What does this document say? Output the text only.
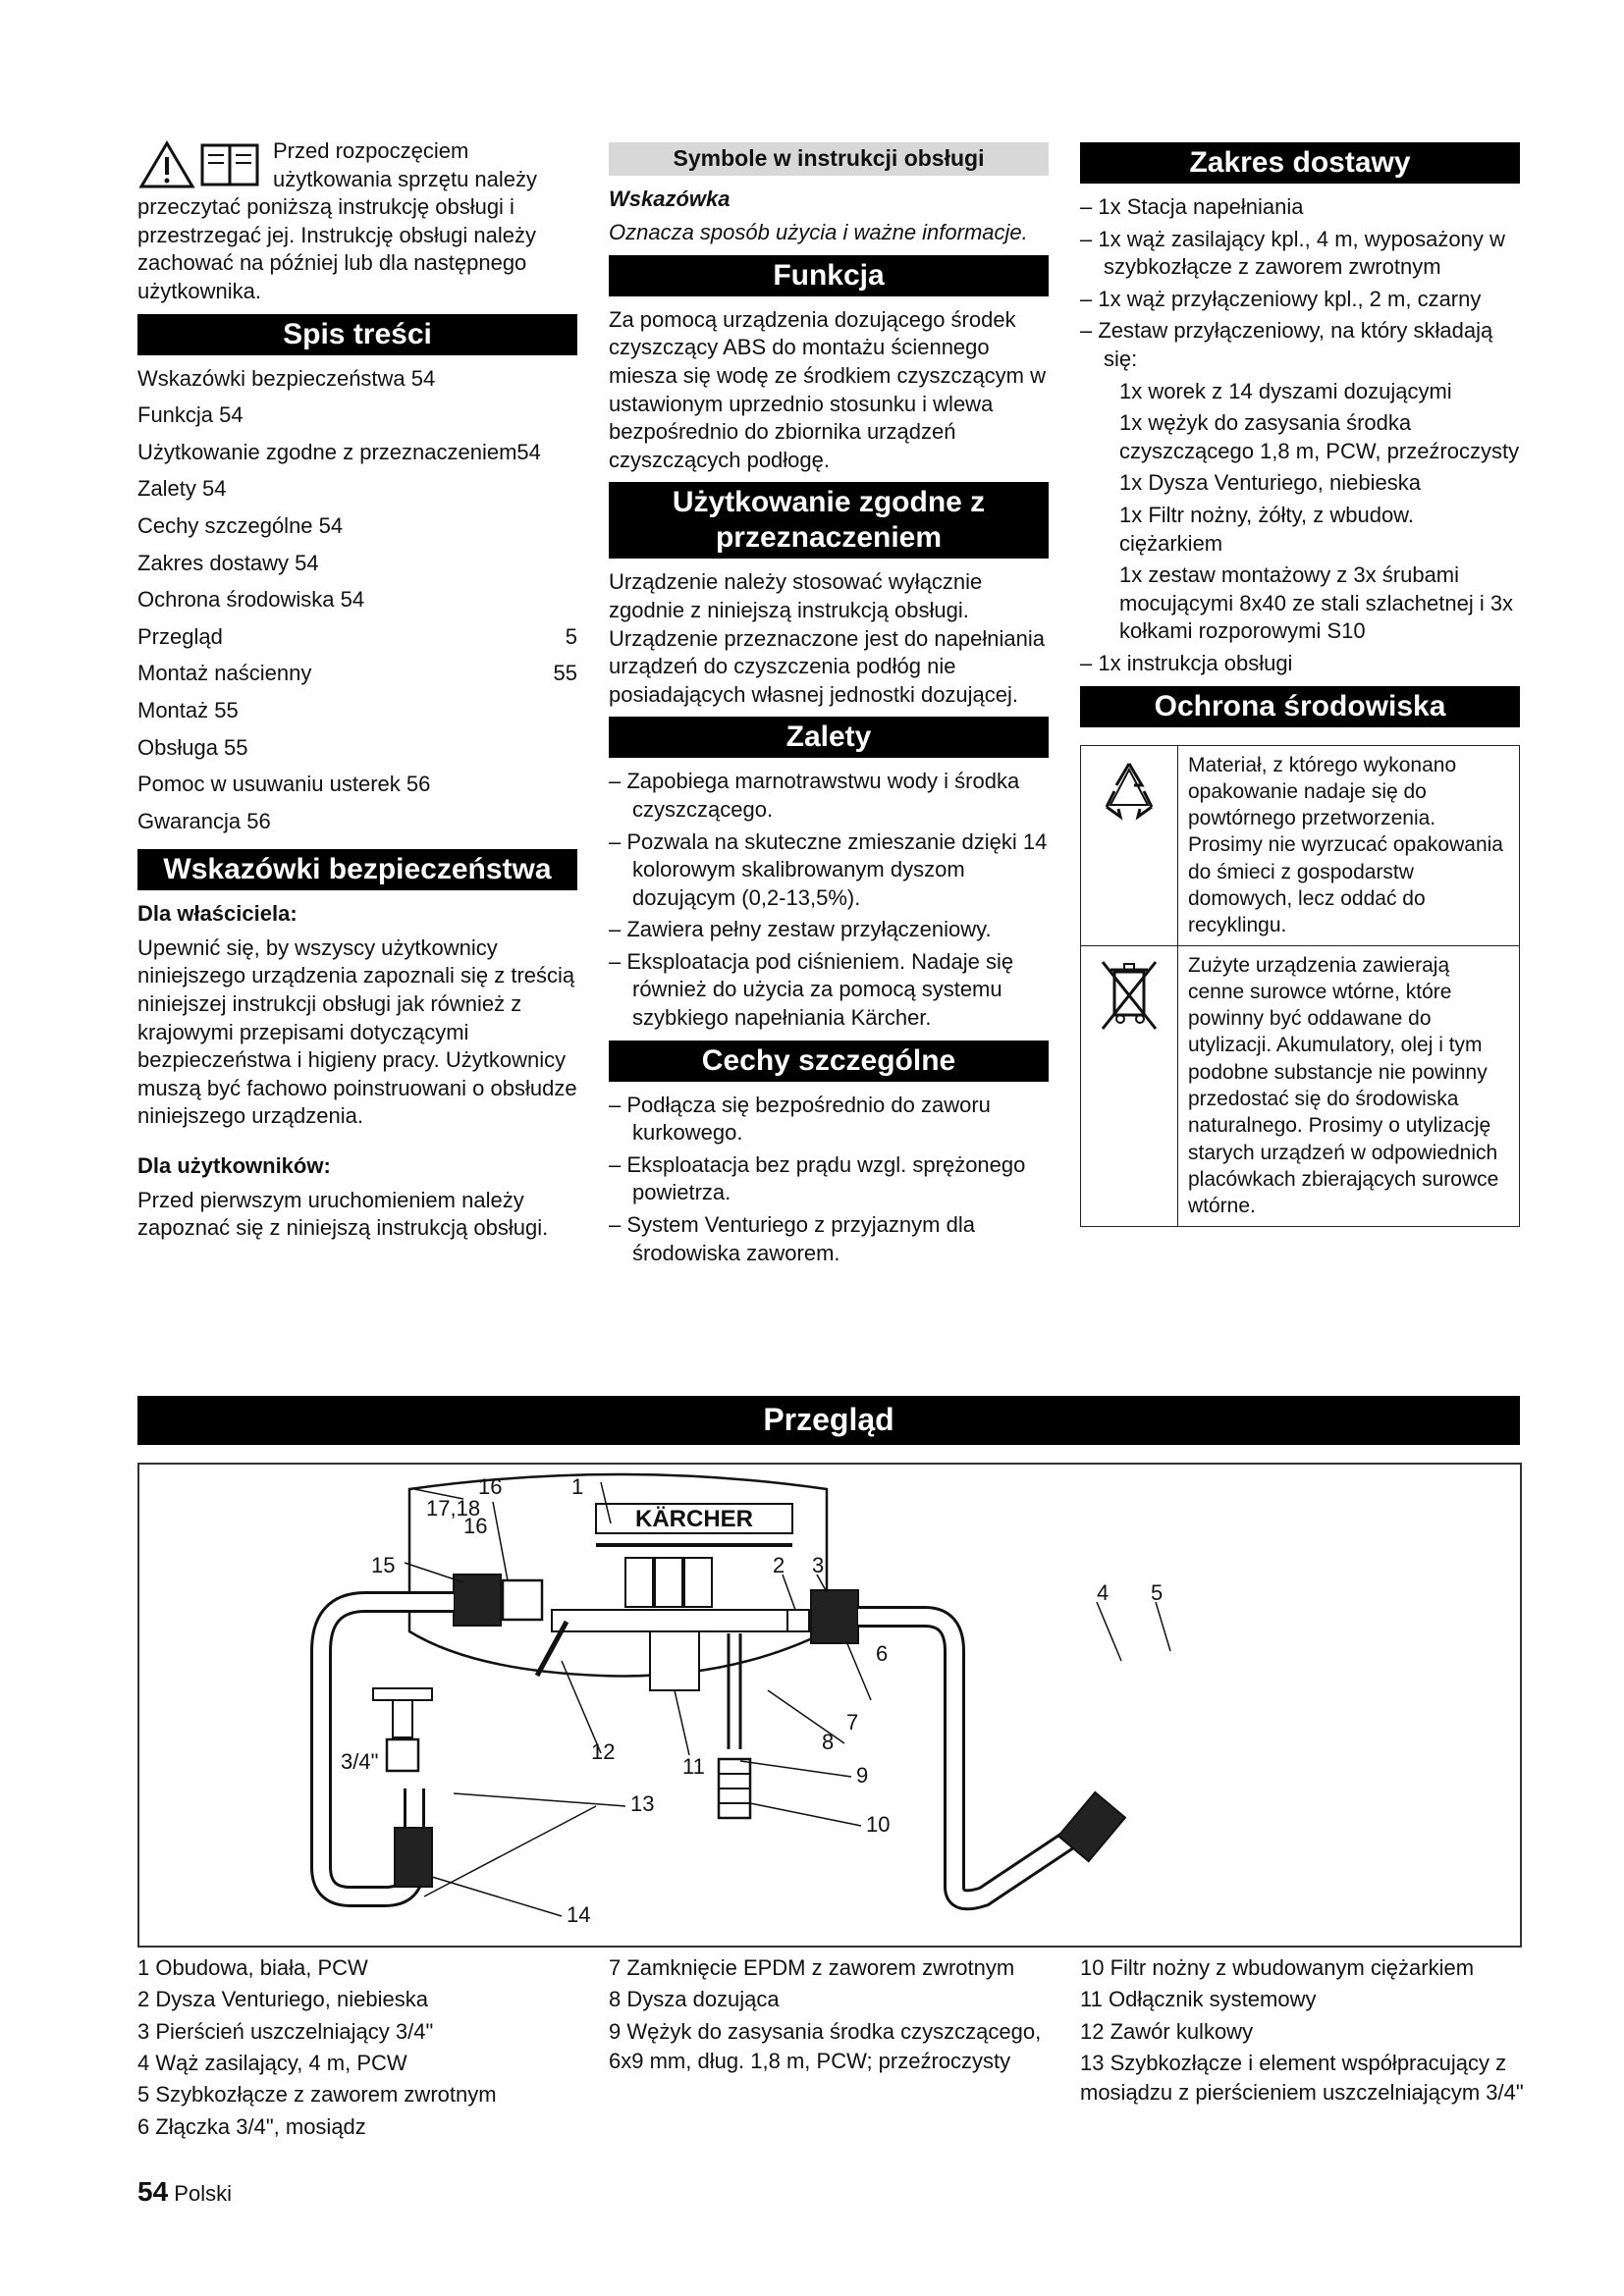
Przed rozpoczęciem użytkowania sprzętu należy przeczytać poniższą instrukcję obsługi i przestrzegać jej. Instrukcję obsługi należy zachować na później lub dla następnego użytkownika.

Spis treści
Wskazówki bezpieczeństwa 54
Funkcja 54
Użytkowanie zgodne z przeznaczeniem54
Zalety 54
Cechy szczególne 54
Zakres dostawy 54
Ochrona środowiska 54
Przegląd	5
Montaż naścienny	55
Montaż 55
Obsługa 55
Pomoc w usuwaniu usterek 56
Gwarancja 56
Wskazówki bezpieczeństwa

Dla właściciela:

Upewnić się, by wszyscy użytkownicy niniejszego urządzenia zapoznali się z treścią niniejszej instrukcji obsługi jak również z krajowymi przepisami dotyczącymi bezpieczeństwa i higieny pracy. Użytkownicy muszą być fachowo poinstruowani o obsłudze niniejszego urządzenia.

Dla użytkowników:

Przed pierwszym uruchomieniem należy zapoznać się z niniejszą instrukcją obsługi.

Symbole w instrukcji obsługi

Wskazówka

Oznacza sposób użycia i ważne informacje.

Funkcja

Za pomocą urządzenia dozującego środek czyszczący ABS do montażu ściennego miesza się wodę ze środkiem czyszczącym w ustawionym uprzednio stosunku i wlewa bezpośrednio do zbiornika urządzeń czyszczących podłogę.

Użytkowanie zgodne z przeznaczeniem

Urządzenie należy stosować wyłącznie zgodnie z niniejszą instrukcją obsługi. Urządzenie przeznaczone jest do napełniania urządzeń do czyszczenia podłóg nie posiadających własnej jednostki dozującej.

Zalety

– Zapobiega marnotrawstwu wody i środka czyszczącego.

– Pozwala na skuteczne zmieszanie dzięki 14 kolorowym skalibrowanym dyszom dozującym (0,2-13,5%).

– Zawiera pełny zestaw przyłączeniowy.

– Eksploatacja pod ciśnieniem. Nadaje się również do użycia za pomocą systemu szybkiego napełniania Kärcher.

Cechy szczególne

– Podłącza się bezpośrednio do zaworu kurkowego.

– Eksploatacja bez prądu wzgl. sprężonego powietrza.

– System Venturiego z przyjaznym dla środowiska zaworem.

Zakres dostawy

– 1x Stacja napełniania

– 1x wąż zasilający kpl., 4 m, wyposażony w szybkozłącze z zaworem zwrotnym

– 1x wąż przyłączeniowy kpl., 2 m, czarny

– Zestaw przyłączeniowy, na który składają się:

1x worek z 14 dyszami dozującymi

1x wężyk do zasysania środka czyszczącego 1,8 m, PCW, przeźroczysty

1x Dysza Venturiego, niebieska

1x Filtr nożny, żółty, z wbudow. ciężarkiem

1x zestaw montażowy z 3x śrubami mocującymi 8x40 ze stali szlachetnej i 3x kołkami rozporowymi S10

– 1x instrukcja obsługi

Ochrona środowiska
	Materiał, z którego wykonano opakowanie nadaje się do powtórnego przetworzenia. Prosimy nie wyrzucać opakowania do śmieci z gospodarstw domowych, lecz oddać do recyklingu.
	Zużyte urządzenia zawierają cenne surowce wtórne, które powinny być oddawane do utylizacji. Akumulatory, olej i tym podobne substancje nie powinny przedostać się do środowiska naturalnego. Prosimy o utylizację starych urządzeń w odpowiednich placówkach zbierających surowce wtórne.
Przegląd
KÄRCHER
1
16
16
17,18
15	2 3
6
7
8
9
10
11
12
13
14
4 5
3/4"
1 Obudowa, biała, PCW
2 Dysza Venturiego, niebieska
3 Pierścień uszczelniający 3/4"
4 Wąż zasilający, 4 m, PCW
5 Szybkozłącze z zaworem zwrotnym
6 Złączka 3/4", mosiądz
7 Zamknięcie EPDM z zaworem zwrotnym
8 Dysza dozująca
9 Wężyk do zasysania środka czyszczącego, 6x9 mm, dług. 1,8 m, PCW; przeźroczysty
10 Filtr nożny z wbudowanym ciężarkiem
11 Odłącznik systemowy
12 Zawór kulkowy
13 Szybkozłącze i element współpracujący z mosiądzu z pierścieniem uszczelniającym 3/4"
54 Polski
